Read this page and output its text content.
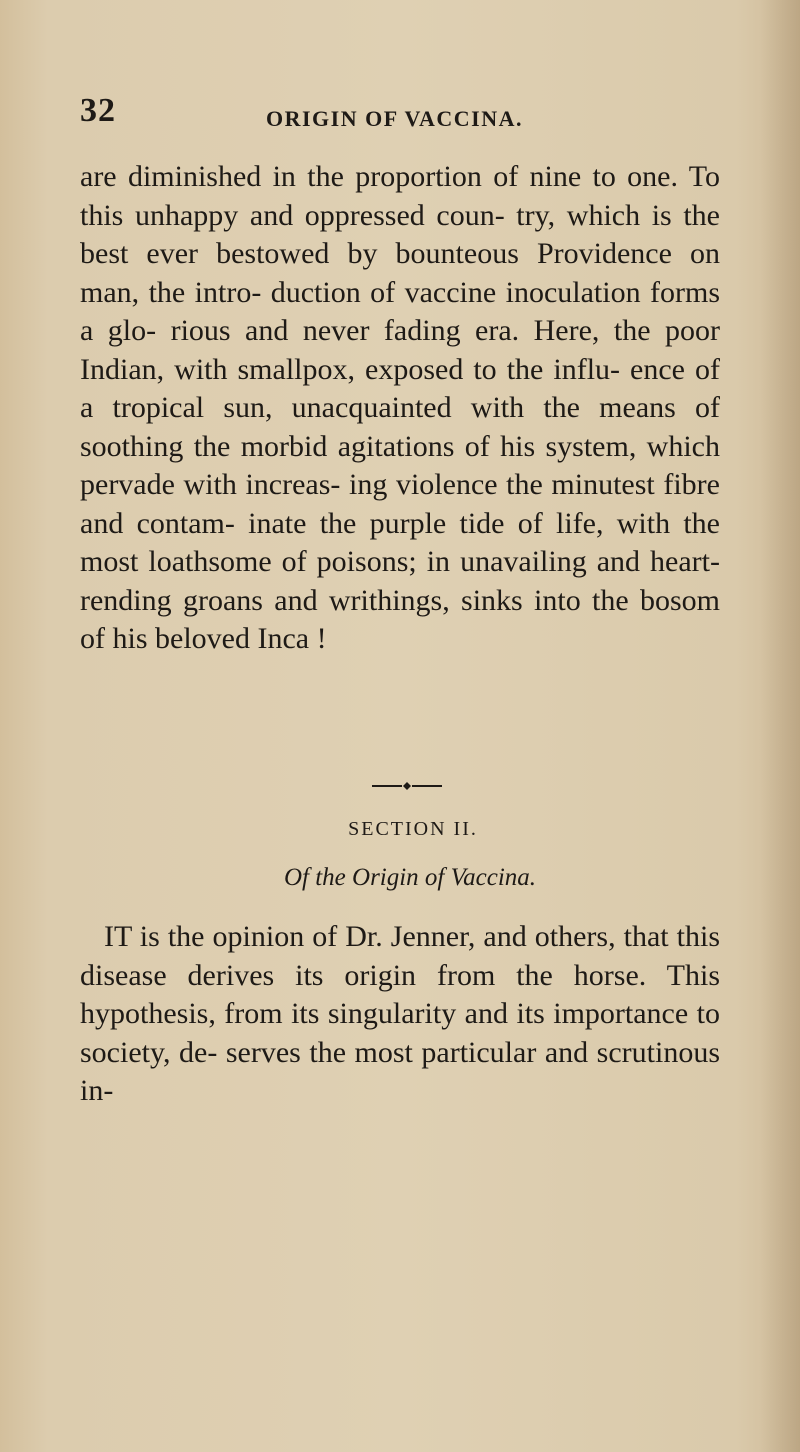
32	ORIGIN OF VACCINA.
are diminished in the proportion of nine to one. To this unhappy and oppressed coun- try, which is the best ever bestowed by bounteous Providence on man, the intro- duction of vaccine inoculation forms a glo- rious and never fading era. Here, the poor Indian, with smallpox, exposed to the influ- ence of a tropical sun, unacquainted with the means of soothing the morbid agitations of his system, which pervade with increas- ing violence the minutest fibre and contam- inate the purple tide of life, with the most loathsome of poisons; in unavailing and heart-rending groans and writhings, sinks into the bosom of his beloved Inca !
SECTION II.
Of the Origin of Vaccina.
IT is the opinion of Dr. Jenner, and others, that this disease derives its origin from the horse. This hypothesis, from its singularity and its importance to society, de- serves the most particular and scrutinous in-
